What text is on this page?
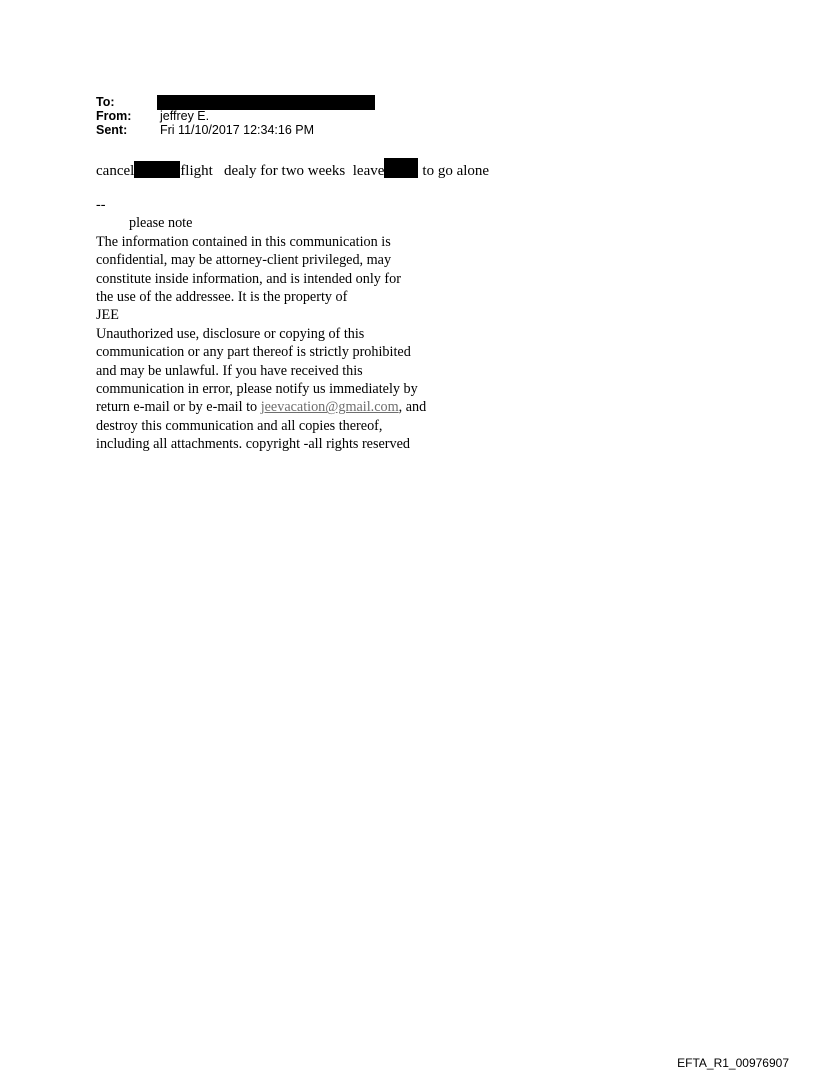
To:
From:	jeffrey E.
Sent:	Fri 11/10/2017 12:34:16 PM
cancel	flight   dealy for two weeks  leave	to go alone
--
please note
The information contained in this communication is
confidential, may be attorney-client privileged, may
constitute inside information, and is intended only for
the use of the addressee. It is the property of
JEE
Unauthorized use, disclosure or copying of this
communication or any part thereof is strictly prohibited
and may be unlawful. If you have received this
communication in error, please notify us immediately by
return e-mail or by e-mail to jeevacation@gmail.com, and
destroy this communication and all copies thereof,
including all attachments. copyright -all rights reserved
EFTA_R1_00976907
